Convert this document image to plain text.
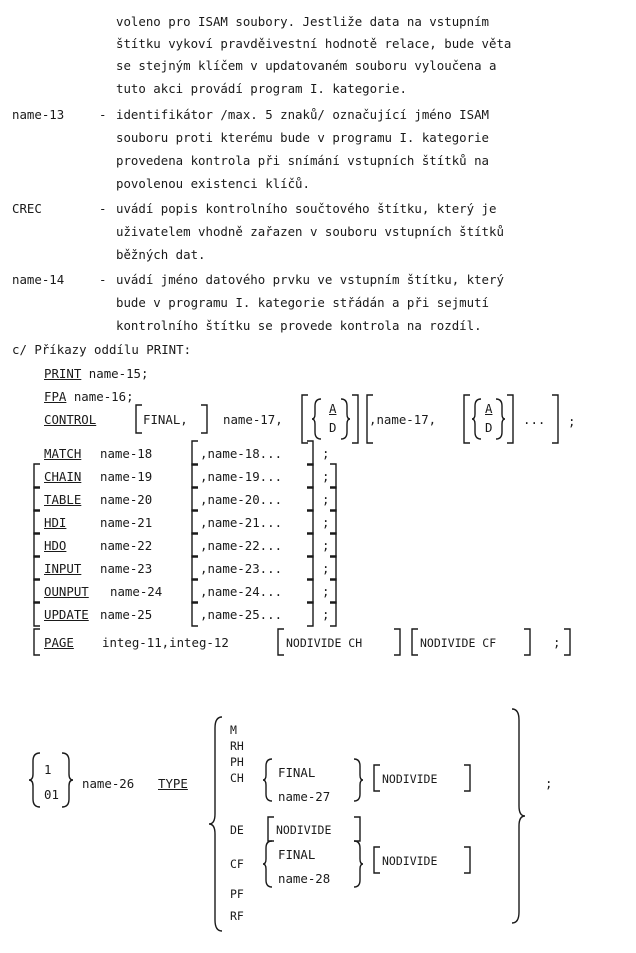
voleno pro ISAM soubory. Jestliže data na vstupním
štítku vykoví pravděivestní hodnotě relace, bude věta
se stejným klíčem v updatovaném souboru vyloučena a
tuto akci provádí program I. kategorie.
name-13	- identifikátor /max. 5 znaků/ označující jméno ISAM
souboru proti kterému bude v programu I. kategorie
provedena kontrola při snímání vstupních štítků na
povolenou existenci klíčů.
CREC	- uvádí popis kontrolního součtového štítku, který je
uživatelem vhodně zařazen v souboru vstupních štítků
běžných dat.
name-14	- uvádí jméno datového prvku ve vstupním štítku, který
bude v programu I. kategorie střádán a při sejmutí
kontrolního štítku se provede kontrola na rozdíl.
c/ Příkazy oddílu PRINT:
PRINT name-15;
FPA name-16;
CONTROL	FINAL,	name-17,
A
D
,name-17,
A
D
... ;
MATCH name-18	,name-18...	;
CHAIN name-19	,name-19...	;
TABLE name-20	,name-20...	;
HDI	name-21	,name-21...	;
HDO	name-22	,name-22...	;
INPUT name-23	,name-23...	;
OUNPUT name-24	,name-24...	;
UPDATE name-25	,name-25...	;
PAGE integ-11,integ-12	NODIVIDE CH	NODIVIDE CF	;
1
01
name-26 TYPE
M
RH
PH
CH	FINAL
name-27
NODIVIDE
DE	NODIVIDE
CF
FINAL
name-28
NODIVIDE
PF
RF
;
